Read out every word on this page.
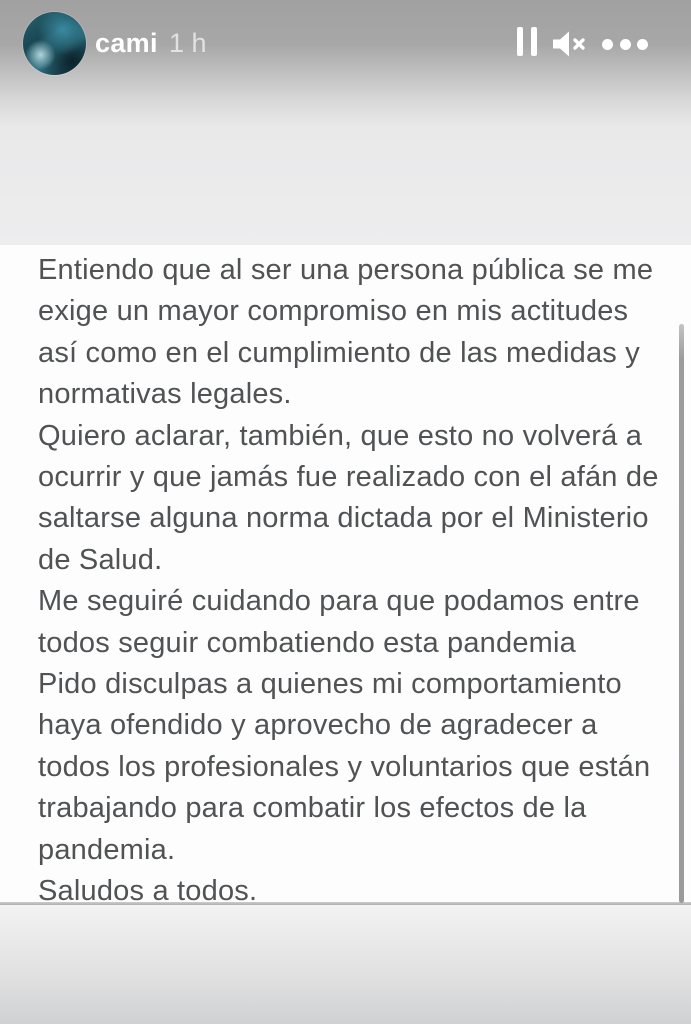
cami 1 h
Entiendo que al ser una persona pública se me
exige un mayor compromiso en mis actitudes
así como en el cumplimiento de las medidas y
normativas legales.
Quiero aclarar, también, que esto no volverá a
ocurrir y que jamás fue realizado con el afán de
saltarse alguna norma dictada por el Ministerio
de Salud.
Me seguiré cuidando para que podamos entre
todos seguir combatiendo esta pandemia
Pido disculpas a quienes mi comportamiento
haya ofendido y aprovecho de agradecer a
todos los profesionales y voluntarios que están
trabajando para combatir los efectos de la
pandemia.
Saludos a todos.
